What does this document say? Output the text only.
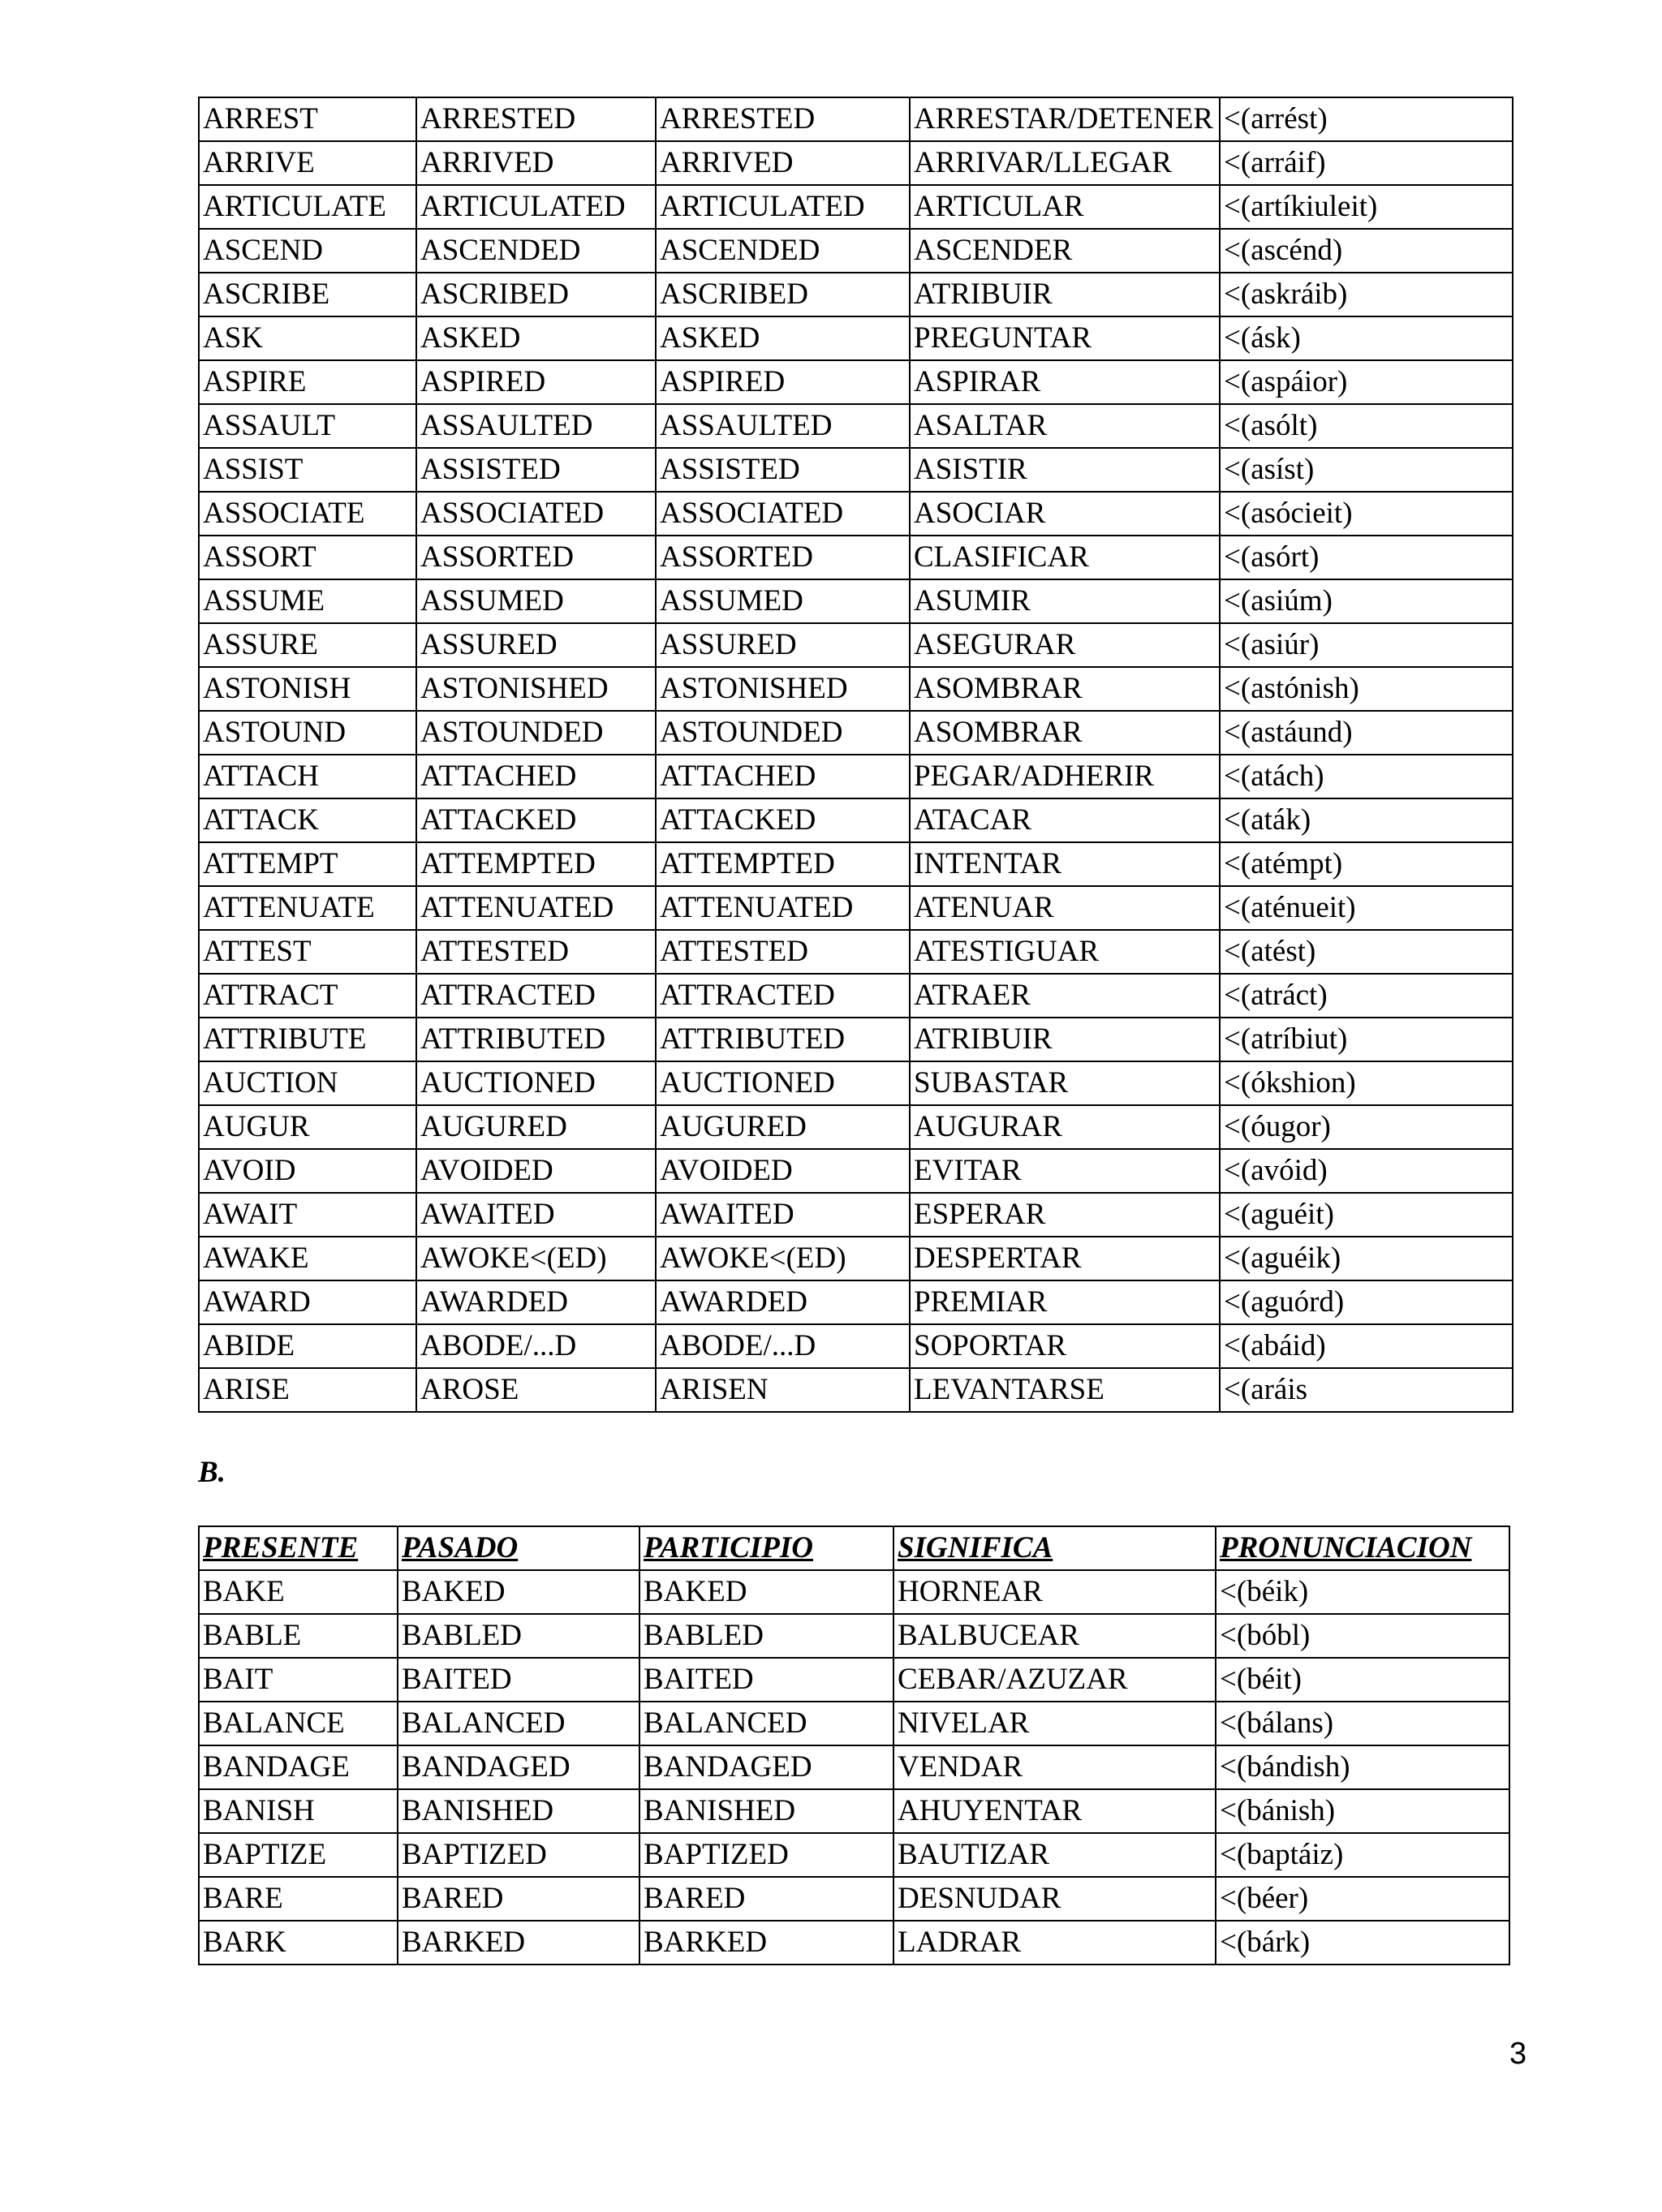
ARREST	ARRESTED	ARRESTED	ARRESTAR/DETENER	<(arrést)
ARRIVE	ARRIVED	ARRIVED	ARRIVAR/LLEGAR	<(arráif)
ARTICULATE	ARTICULATED	ARTICULATED	ARTICULAR	<(artíkiuleit)
ASCEND	ASCENDED	ASCENDED	ASCENDER	<(ascénd)
ASCRIBE	ASCRIBED	ASCRIBED	ATRIBUIR	<(askráib)
ASK	ASKED	ASKED	PREGUNTAR	<(ásk)
ASPIRE	ASPIRED	ASPIRED	ASPIRAR	<(aspáior)
ASSAULT	ASSAULTED	ASSAULTED	ASALTAR	<(asólt)
ASSIST	ASSISTED	ASSISTED	ASISTIR	<(asíst)
ASSOCIATE	ASSOCIATED	ASSOCIATED	ASOCIAR	<(asócieit)
ASSORT	ASSORTED	ASSORTED	CLASIFICAR	<(asórt)
ASSUME	ASSUMED	ASSUMED	ASUMIR	<(asiúm)
ASSURE	ASSURED	ASSURED	ASEGURAR	<(asiúr)
ASTONISH	ASTONISHED	ASTONISHED	ASOMBRAR	<(astónish)
ASTOUND	ASTOUNDED	ASTOUNDED	ASOMBRAR	<(astáund)
ATTACH	ATTACHED	ATTACHED	PEGAR/ADHERIR	<(atách)
ATTACK	ATTACKED	ATTACKED	ATACAR	<(aták)
ATTEMPT	ATTEMPTED	ATTEMPTED	INTENTAR	<(atémpt)
ATTENUATE	ATTENUATED	ATTENUATED	ATENUAR	<(aténueit)
ATTEST	ATTESTED	ATTESTED	ATESTIGUAR	<(atést)
ATTRACT	ATTRACTED	ATTRACTED	ATRAER	<(atráct)
ATTRIBUTE	ATTRIBUTED	ATTRIBUTED	ATRIBUIR	<(atríbiut)
AUCTION	AUCTIONED	AUCTIONED	SUBASTAR	<(ókshion)
AUGUR	AUGURED	AUGURED	AUGURAR	<(óugor)
AVOID	AVOIDED	AVOIDED	EVITAR	<(avóid)
AWAIT	AWAITED	AWAITED	ESPERAR	<(aguéit)
AWAKE	AWOKE<(ED)	AWOKE<(ED)	DESPERTAR	<(aguéik)
AWARD	AWARDED	AWARDED	PREMIAR	<(aguórd)
ABIDE	ABODE/...D	ABODE/...D	SOPORTAR	<(abáid)
ARISE	AROSE	ARISEN	LEVANTARSE	<(aráis
B.
PRESENTE	PASADO	PARTICIPIO	SIGNIFICA	PRONUNCIACION
BAKE	BAKED	BAKED	HORNEAR	<(béik)
BABLE	BABLED	BABLED	BALBUCEAR	<(bóbl)
BAIT	BAITED	BAITED	CEBAR/AZUZAR	<(béit)
BALANCE	BALANCED	BALANCED	NIVELAR	<(bálans)
BANDAGE	BANDAGED	BANDAGED	VENDAR	<(bándish)
BANISH	BANISHED	BANISHED	AHUYENTAR	<(bánish)
BAPTIZE	BAPTIZED	BAPTIZED	BAUTIZAR	<(baptáiz)
BARE	BARED	BARED	DESNUDAR	<(béer)
BARK	BARKED	BARKED	LADRAR	<(bárk)
3
